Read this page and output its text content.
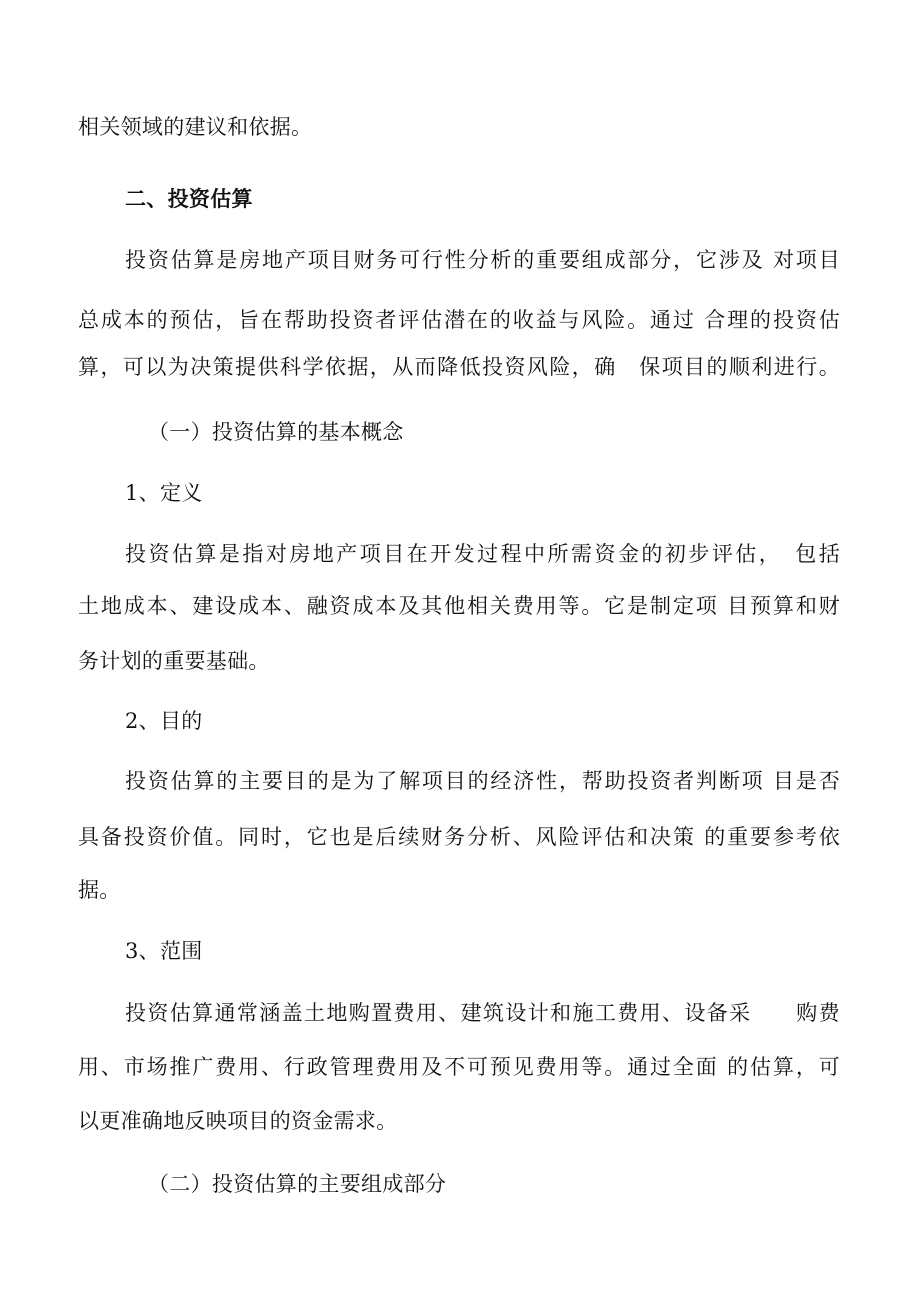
相关领域的建议和依据。
二、投资估算
投资估算是房地产项目财务可行性分析的重要组成部分，它涉及 对项目
总成本的预估，旨在帮助投资者评估潜在的收益与风险。通过 合理的投资估
算，可以为决策提供科学依据，从而降低投资风险，确　保项目的顺利进行。
（一）投资估算的基本概念
1、定义
投资估算是指对房地产项目在开发过程中所需资金的初步评估，　包括
土地成本、建设成本、融资成本及其他相关费用等。它是制定项 目预算和财
务计划的重要基础。
2、目的
投资估算的主要目的是为了解项目的经济性，帮助投资者判断项 目是否
具备投资价值。同时，它也是后续财务分析、风险评估和决策 的重要参考依
据。
3、范围
投资估算通常涵盖土地购置费用、建筑设计和施工费用、设备采　　购费
用、市场推广费用、行政管理费用及不可预见费用等。通过全面 的估算，可
以更准确地反映项目的资金需求。
（二）投资估算的主要组成部分
